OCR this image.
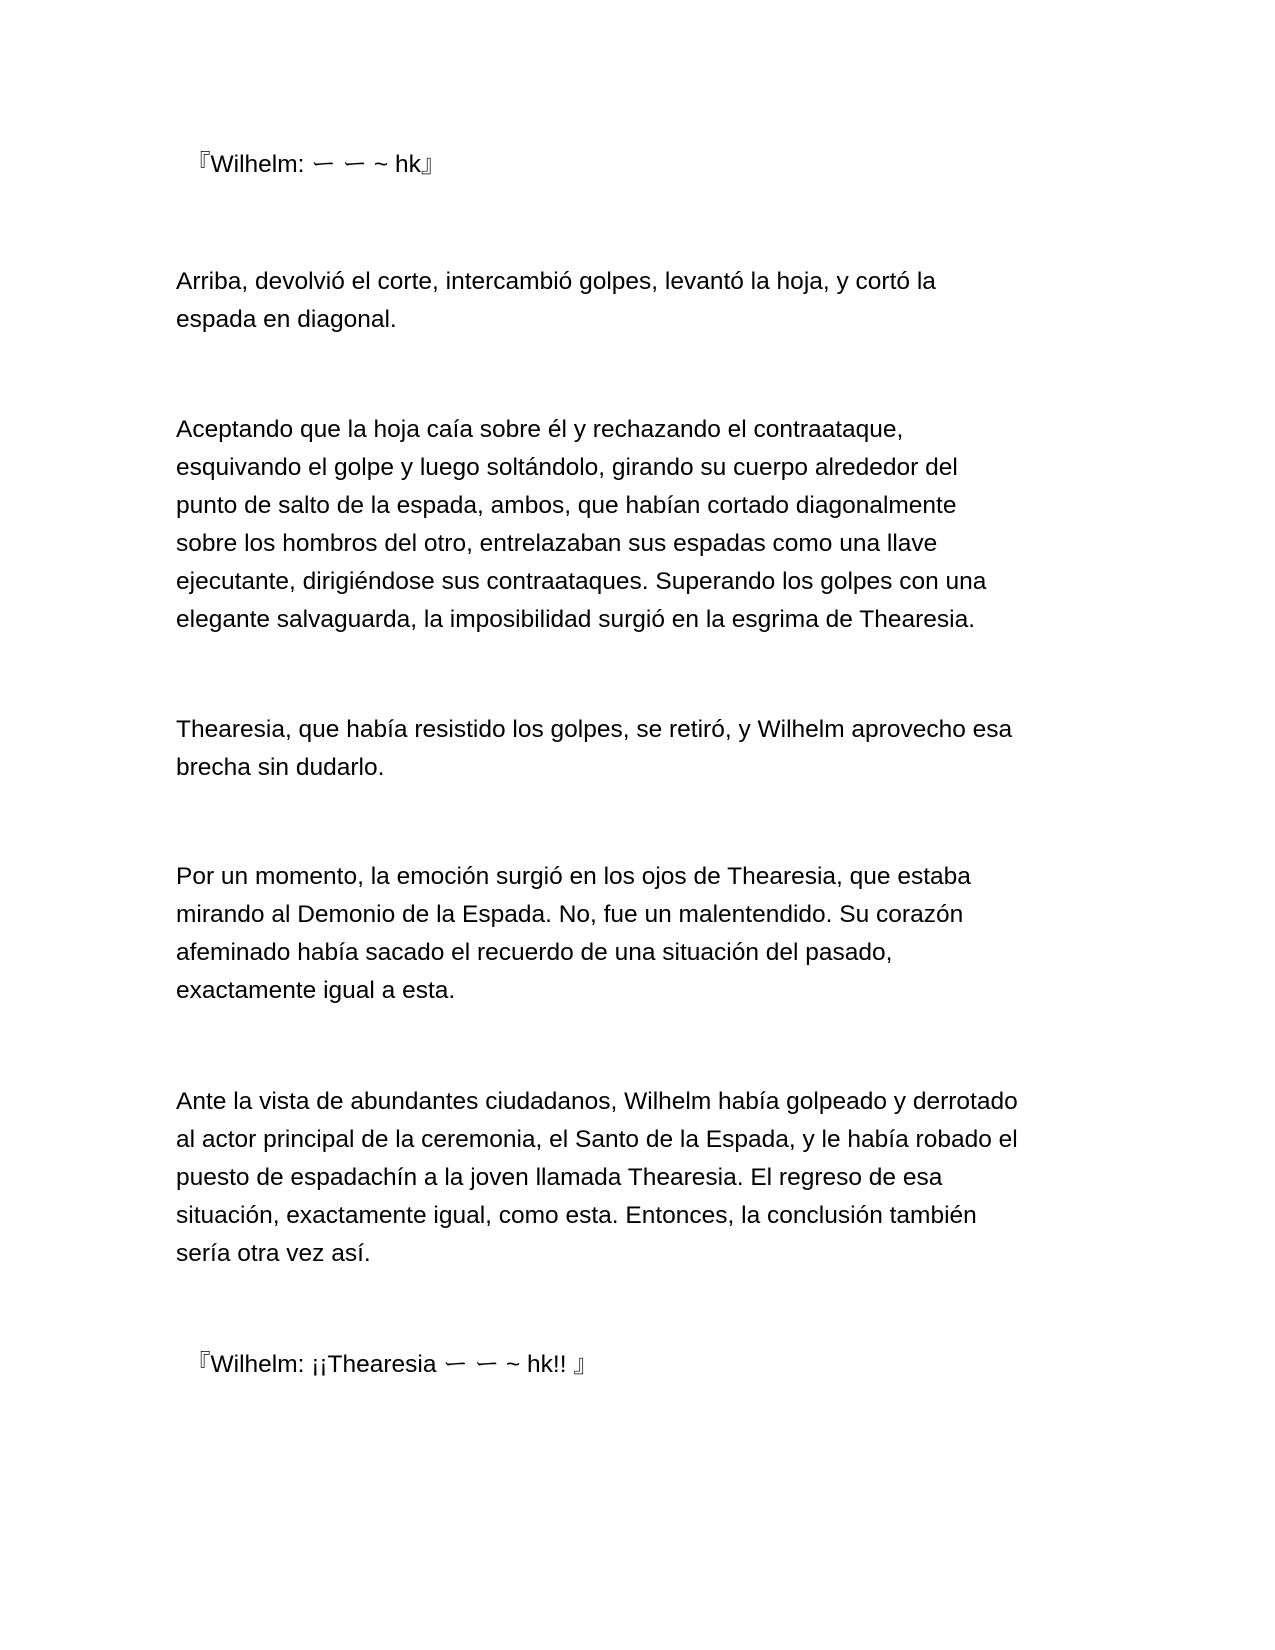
『Wilhelm: ー ー ~ hk』

Arriba, devolvió el corte, intercambió golpes, levantó la hoja, y cortó la
espada en diagonal.

Aceptando que la hoja caía sobre él y rechazando el contraataque,
esquivando el golpe y luego soltándolo, girando su cuerpo alrededor del
punto de salto de la espada, ambos, que habían cortado diagonalmente
sobre los hombros del otro, entrelazaban sus espadas como una llave
ejecutante, dirigiéndose sus contraataques. Superando los golpes con una
elegante salvaguarda, la imposibilidad surgió en la esgrima de Thearesia.

Thearesia, que había resistido los golpes, se retiró, y Wilhelm aprovecho esa
brecha sin dudarlo.

Por un momento, la emoción surgió en los ojos de Thearesia, que estaba
mirando al Demonio de la Espada. No, fue un malentendido. Su corazón
afeminado había sacado el recuerdo de una situación del pasado,
exactamente igual a esta.

Ante la vista de abundantes ciudadanos, Wilhelm había golpeado y derrotado
al actor principal de la ceremonia, el Santo de la Espada, y le había robado el
puesto de espadachín a la joven llamada Thearesia. El regreso de esa
situación, exactamente igual, como esta. Entonces, la conclusión también
sería otra vez así.

『Wilhelm: ¡¡Thearesia ー ー ~ hk!! 』
